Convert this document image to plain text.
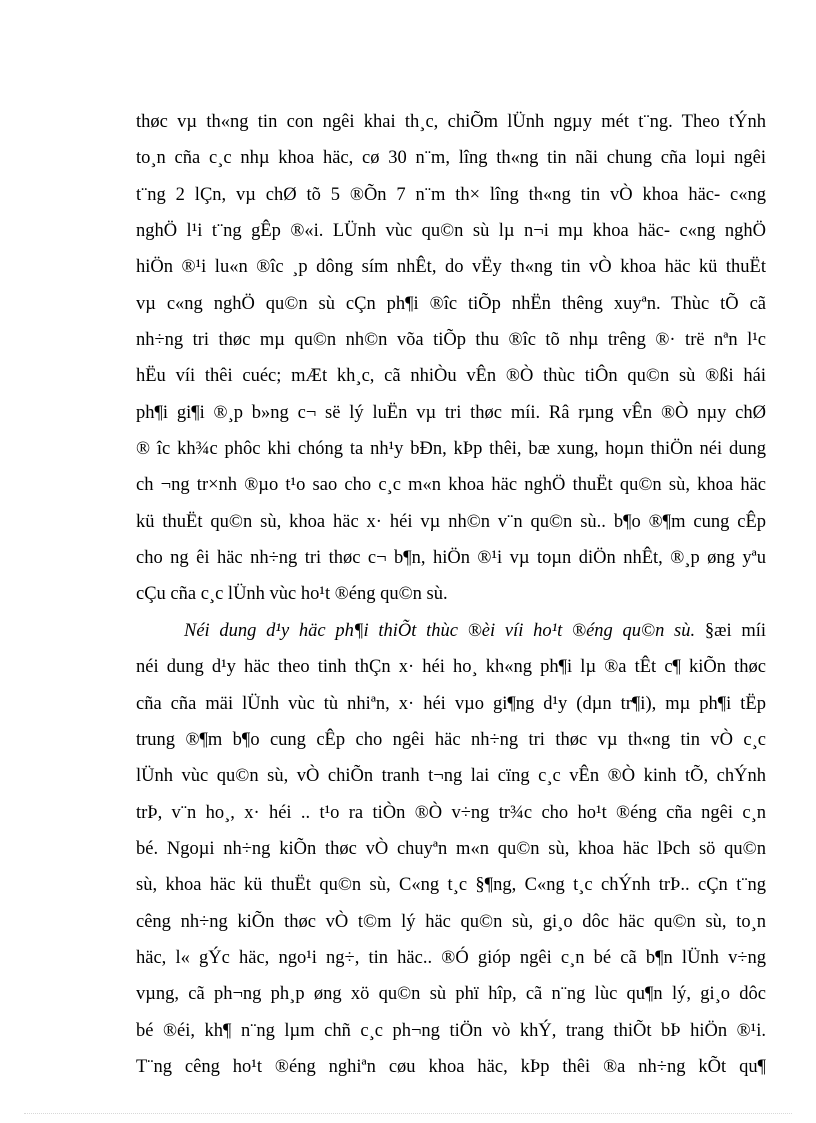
thøc vµ th«ng tin con ngêi khai th¸c, chiÕm lÜnh ngµy mét t¨ng. Theo tÝnh
to¸n cña c¸c nhµ khoa häc, cø 30 n¨m, lîng th«ng tin nãi chung cña loµi ngêi
t¨ng 2 lÇn, vµ chØ tõ 5 ®Õn 7 n¨m th× lîng th«ng tin vÒ khoa häc- c«ng
nghÖ l¹i t¨ng gÊp ®«i. LÜnh vùc qu©n sù lµ n¬i mµ khoa häc- c«ng nghÖ
hiÖn ®¹i lu«n ®îc ¸p dông sím nhÊt, do vËy th«ng tin vÒ khoa häc kü thuËt
vµ c«ng nghÖ qu©n sù cÇn ph¶i ®îc tiÕp nhËn thêng xuyªn. Thùc tÕ cã
nh÷ng tri thøc mµ qu©n nh©n võa tiÕp thu ®îc tõ nhµ trêng ®· trë nªn l¹c
hËu víi thêi cuéc; mÆt kh¸c, cã nhiÒu vÊn ®Ò thùc tiÔn qu©n sù ®ßi hái
ph¶i gi¶i ®¸p b»ng c¬ së lý luËn vµ tri thøc míi. Râ rµng vÊn ®Ò nµy chØ
® îc kh¾c phôc khi chóng ta nh¹y bÐn, kÞp thêi, bæ xung, hoµn thiÖn néi dung
ch ¬ng tr×nh ®µo t¹o sao cho c¸c m«n khoa häc nghÖ thuËt qu©n sù, khoa häc
kü thuËt qu©n sù, khoa häc x· héi vµ nh©n v¨n qu©n sù.. b¶o ®¶m cung cÊp
cho ng êi häc nh÷ng tri thøc c¬ b¶n, hiÖn ®¹i vµ toµn diÖn nhÊt, ®¸p øng yªu
cÇu cña c¸c lÜnh vùc ho¹t ®éng qu©n sù.
Néi dung d¹y häc ph¶i thiÕt thùc ®èi víi ho¹t ®éng qu©n sù. §æi míi
néi dung d¹y häc theo tinh thÇn x· héi ho¸ kh«ng ph¶i lµ ®a tÊt c¶ kiÕn thøc
cña cña mäi lÜnh vùc tù nhiªn, x· héi vµo gi¶ng d¹y (dµn tr¶i), mµ ph¶i tËp
trung ®¶m b¶o cung cÊp cho ngêi häc nh÷ng tri thøc vµ th«ng tin vÒ c¸c
lÜnh vùc qu©n sù, vÒ chiÕn tranh t¬ng lai cïng c¸c vÊn ®Ò kinh tÕ, chÝnh
trÞ, v¨n ho¸, x· héi .. t¹o ra tiÒn ®Ò v÷ng tr¾c cho ho¹t ®éng cña ngêi c¸n
bé. Ngoµi nh÷ng kiÕn thøc vÒ chuyªn m«n qu©n sù, khoa häc lÞch sö qu©n
sù, khoa häc kü thuËt qu©n sù, C«ng t¸c §¶ng, C«ng t¸c chÝnh trÞ.. cÇn t¨ng
cêng nh÷ng kiÕn thøc vÒ t©m lý häc qu©n sù, gi¸o dôc häc qu©n sù, to¸n
häc, l« gÝc häc, ngo¹i ng÷, tin häc.. ®Ó gióp ngêi c¸n bé cã b¶n lÜnh v÷ng
vµng, cã ph¬ng ph¸p øng xö qu©n sù phï hîp, cã n¨ng lùc qu¶n lý, gi¸o dôc
bé ®éi, kh¶ n¨ng lµm chñ c¸c ph¬ng tiÖn vò khÝ, trang thiÕt bÞ hiÖn ®¹i.
T¨ng cêng ho¹t ®éng nghiªn cøu khoa häc, kÞp thêi ®a nh÷ng kÕt qu¶
